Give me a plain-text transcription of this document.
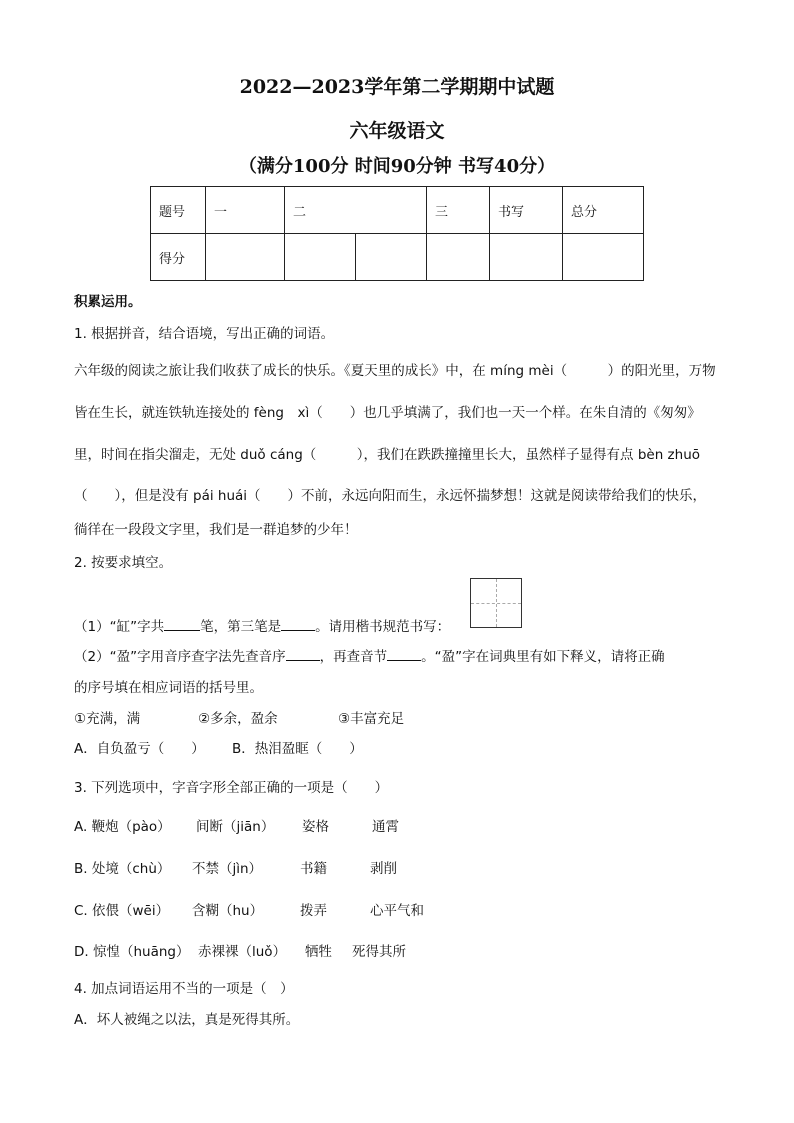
2022—2023学年第二学期期中试题
六年级语文
（满分100分 时间90分钟 书写40分）
题号	一	二		三	书写	总分
得分						
积累运用。
1. 根据拼音，结合语境，写出正确的词语。
六年级的阅读之旅让我们收获了成长的快乐。《夏天里的成长》中，在 míng mèi（　　　）的阳光里，万物
皆在生长，就连铁轨连接处的 fèng　xì（　　）也几乎填满了，我们也一天一个样。在朱自清的《匆匆》
里，时间在指尖溜走，无处 duǒ cáng（　　　），我们在跌跌撞撞里长大，虽然样子显得有点 bèn zhuō
（　　），但是没有 pái huái（　　）不前，永远向阳而生，永远怀揣梦想！这就是阅读带给我们的快乐，
徜徉在一段段文字里，我们是一群追梦的少年！
2. 按要求填空。
（1）“缸”字共	笔，第三笔是	。请用楷书规范书写：
（2）“盈”字用音序查字法先查音序	，再查音节	。“盈”字在词典里有如下释义，请将正确
的序号填在相应词语的括号里。
①充满，满	②多余，盈余	③丰富充足
A．自负盈亏（　　） B．热泪盈眶（　　）
3. 下列选项中，字音字形全部正确的一项是（　　）
A. 鞭炮（pào） 间断（jiān） 姿格	通霄
B. 处境（chù） 不禁（jìn）	书籍	剥削
C. 依偎（wēi） 含糊（hu）	拨弄	心平气和
D. 惊惶（huāng） 赤裸裸（luǒ） 牺牲 死得其所
4. 加点词语运用不当的一项是（　）
A．坏人被绳之以法，真是死得其所。
